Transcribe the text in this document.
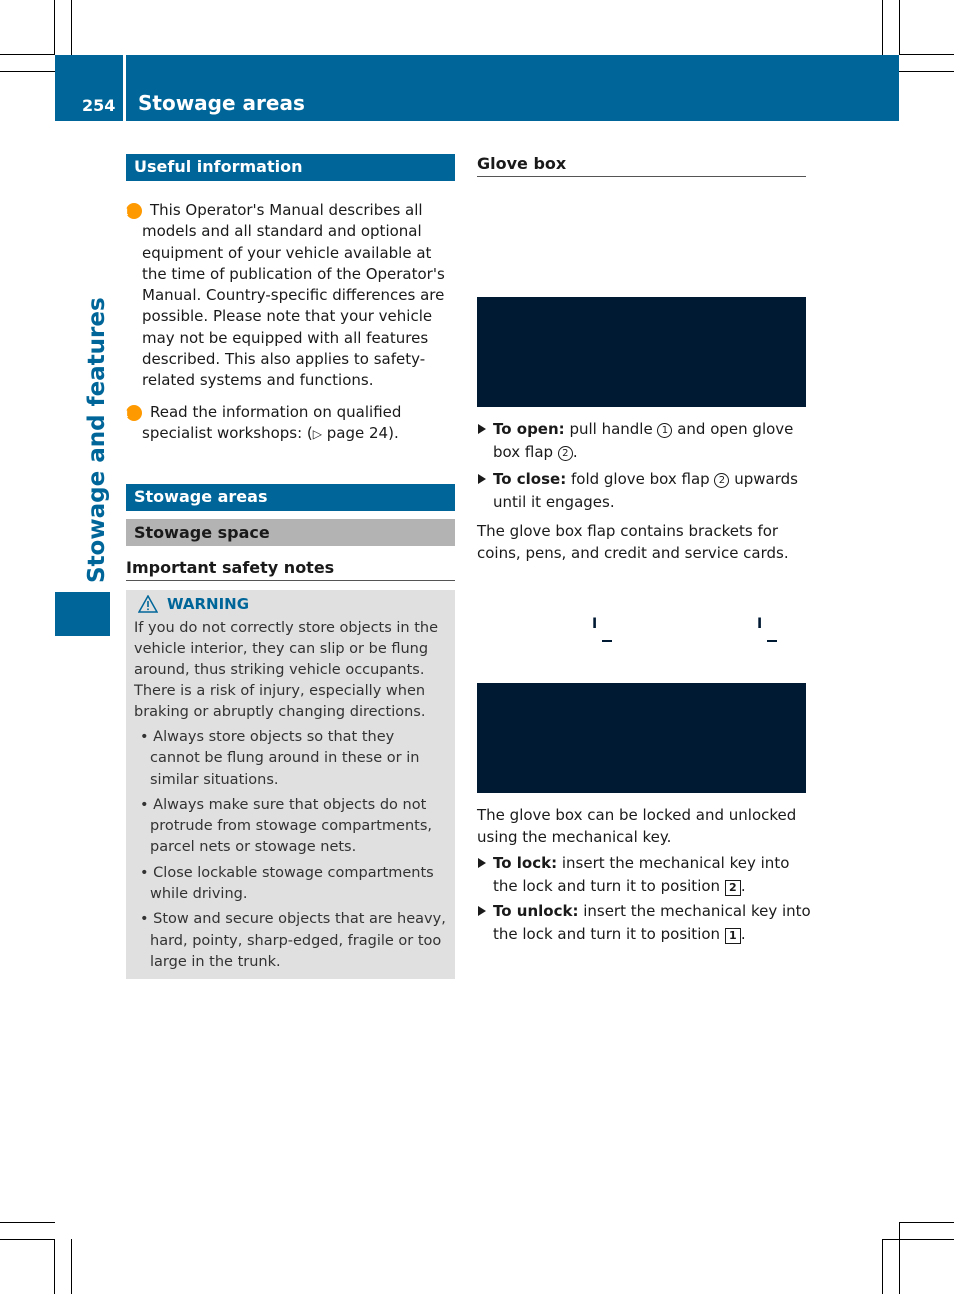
254 Stowage areas
Stowage and features
Useful information
i This Operator's Manual describes all models and all standard and optional equipment of your vehicle available at the time of publication of the Operator's Manual. Country-specific differences are possible. Please note that your vehicle may not be equipped with all features described. This also applies to safety-related systems and functions.
i Read the information on qualified specialist workshops: (▷ page 24).
Stowage areas
Stowage space
Important safety notes
WARNING
If you do not correctly store objects in the vehicle interior, they can slip or be flung around, thus striking vehicle occupants. There is a risk of injury, especially when braking or abruptly changing directions.
• Always store objects so that they cannot be flung around in these or in similar situations.
• Always make sure that objects do not protrude from stowage compartments, parcel nets or stowage nets.
• Close lockable stowage compartments while driving.
• Stow and secure objects that are heavy, hard, pointy, sharp-edged, fragile or too large in the trunk.
Glove box
To open: pull handle 1 and open glove box flap 2 .
To close: fold glove box flap 2 upwards until it engages.
The glove box flap contains brackets for coins, pens, and credit and service cards.
I	I
The glove box can be locked and unlocked using the mechanical key.
To lock: insert the mechanical key into the lock and turn it to position 2 .
To unlock: insert the mechanical key into the lock and turn it to position 1 .
